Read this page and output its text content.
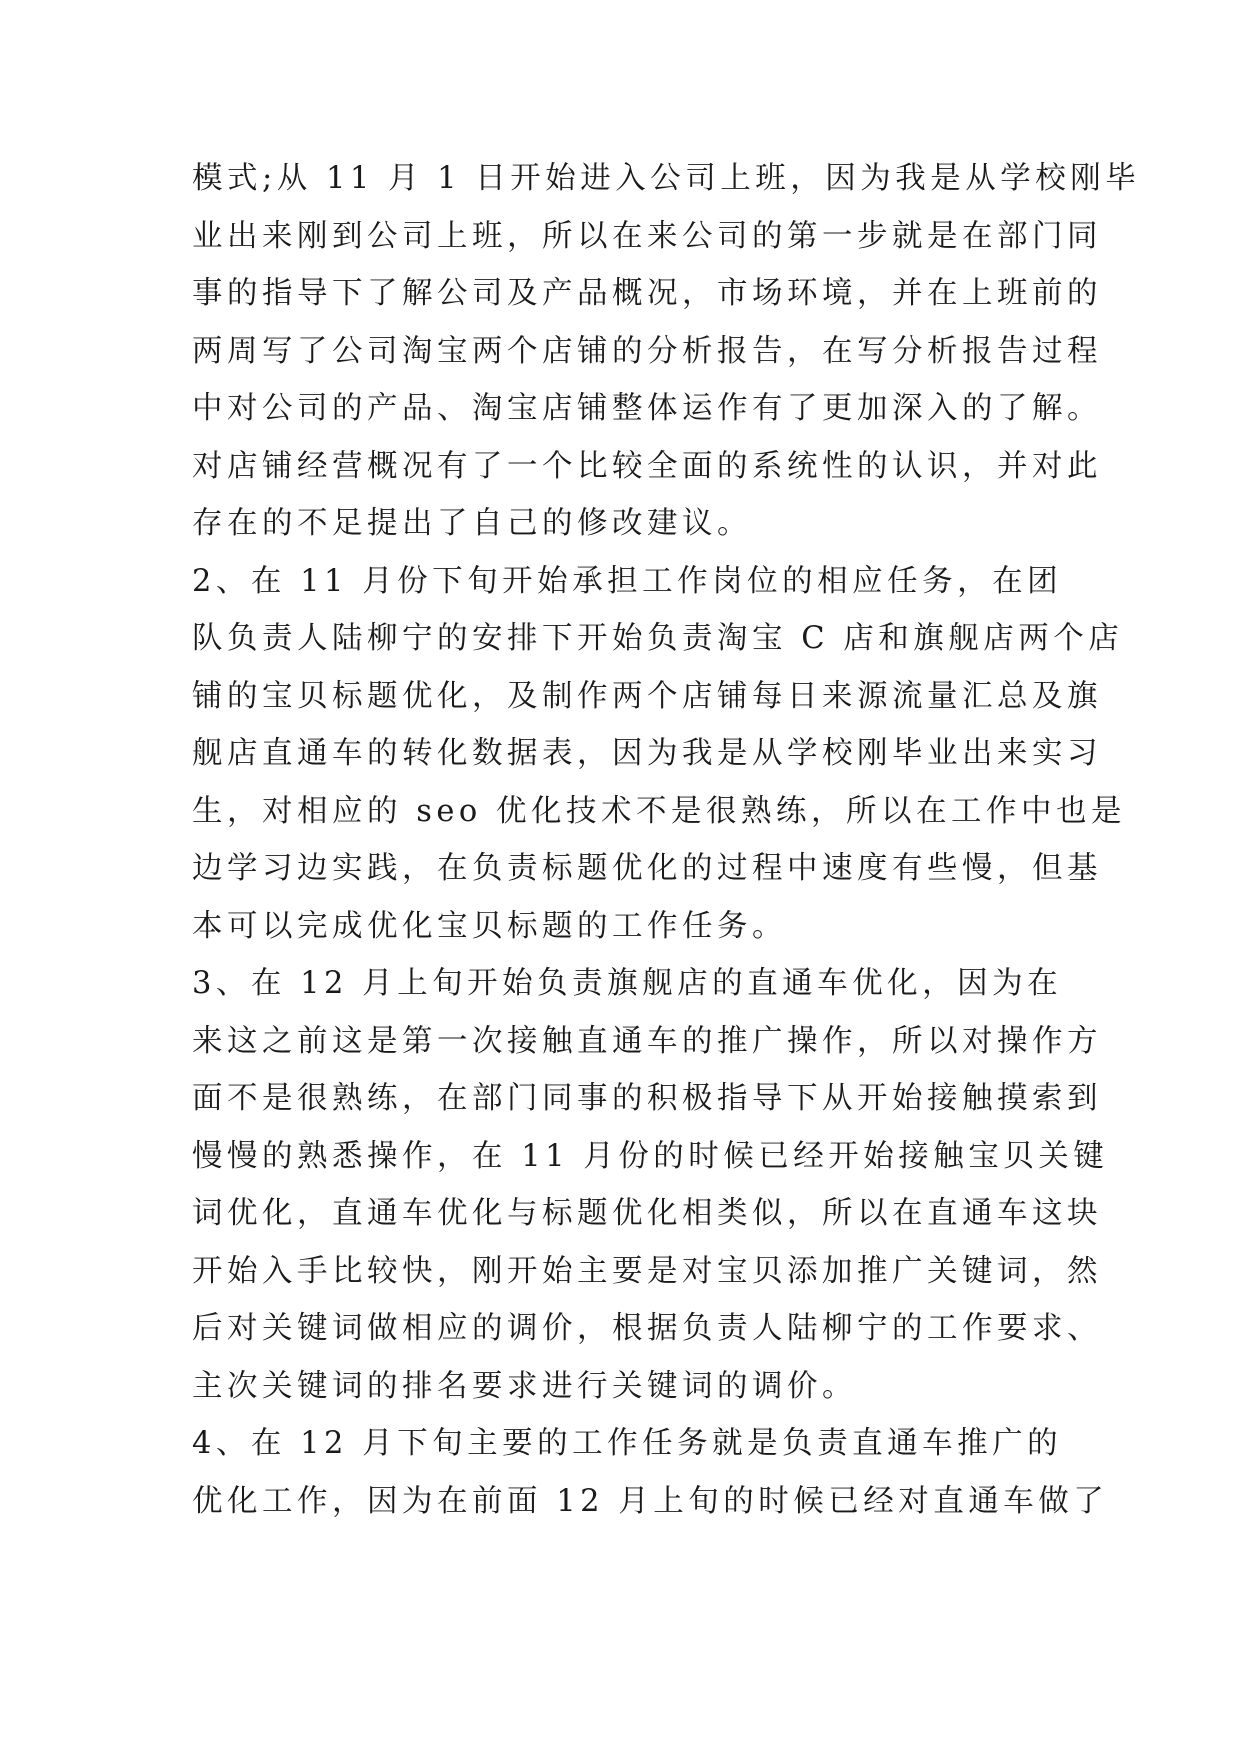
模式;从 11 月 1 日开始进入公司上班，因为我是从学校刚毕
业出来刚到公司上班，所以在来公司的第一步就是在部门同
事的指导下了解公司及产品概况，市场环境，并在上班前的
两周写了公司淘宝两个店铺的分析报告，在写分析报告过程
中对公司的产品、淘宝店铺整体运作有了更加深入的了解。
对店铺经营概况有了一个比较全面的系统性的认识，并对此
存在的不足提出了自己的修改建议。
2、在 11 月份下旬开始承担工作岗位的相应任务，在团
队负责人陆柳宁的安排下开始负责淘宝 C 店和旗舰店两个店
铺的宝贝标题优化，及制作两个店铺每日来源流量汇总及旗
舰店直通车的转化数据表，因为我是从学校刚毕业出来实习
生，对相应的 seo 优化技术不是很熟练，所以在工作中也是
边学习边实践，在负责标题优化的过程中速度有些慢，但基
本可以完成优化宝贝标题的工作任务。
3、在 12 月上旬开始负责旗舰店的直通车优化，因为在
来这之前这是第一次接触直通车的推广操作，所以对操作方
面不是很熟练，在部门同事的积极指导下从开始接触摸索到
慢慢的熟悉操作，在 11 月份的时候已经开始接触宝贝关键
词优化，直通车优化与标题优化相类似，所以在直通车这块
开始入手比较快，刚开始主要是对宝贝添加推广关键词，然
后对关键词做相应的调价，根据负责人陆柳宁的工作要求、
主次关键词的排名要求进行关键词的调价。
4、在 12 月下旬主要的工作任务就是负责直通车推广的
优化工作，因为在前面 12 月上旬的时候已经对直通车做了
